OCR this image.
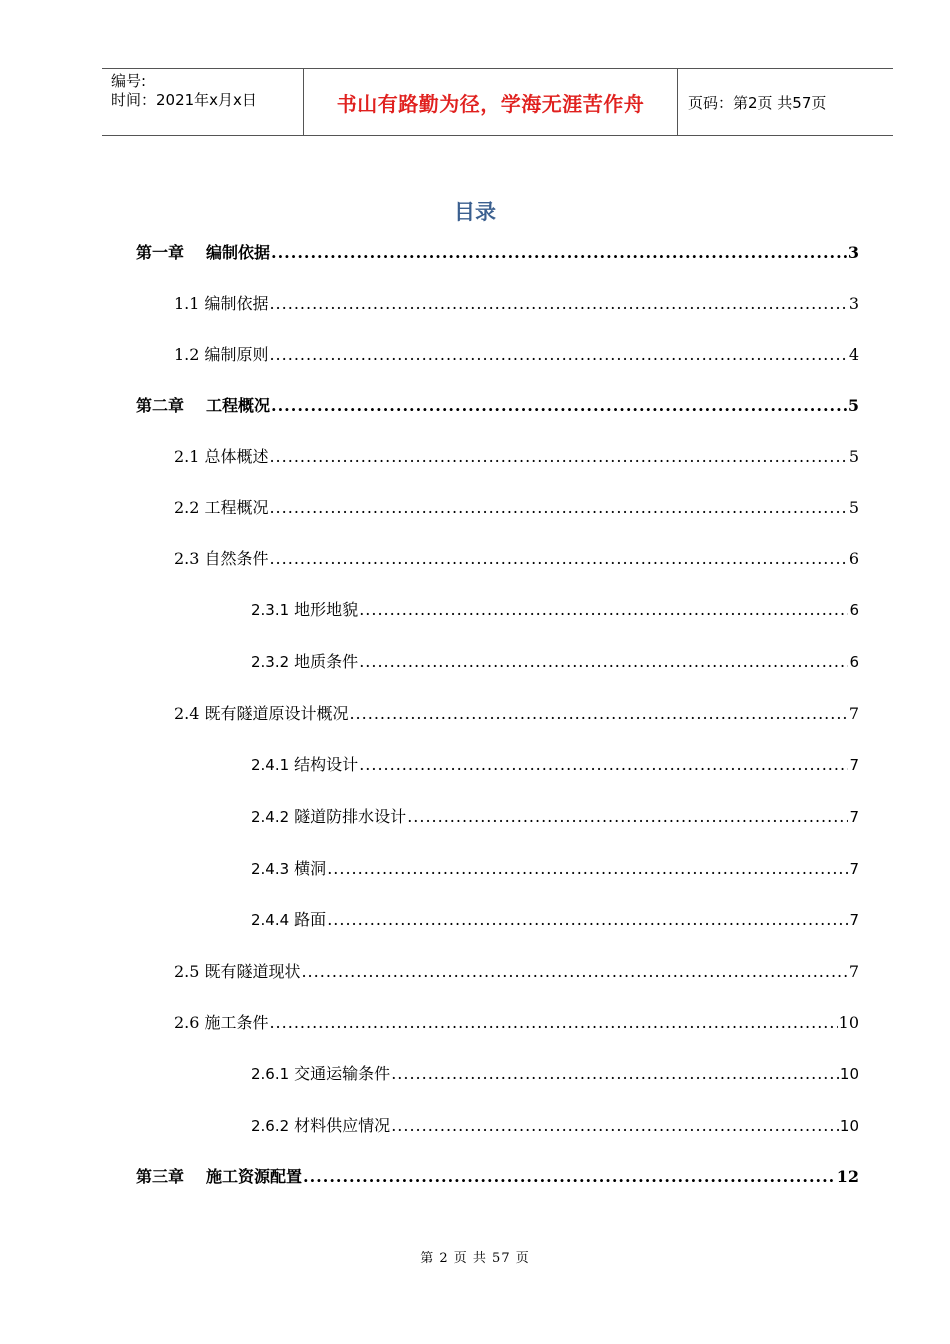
编号:
时间：2021年x月x日	书山有路勤为径，学海无涯苦作舟	页码：第2页 共57页
目录
第一章 编制依据 .....	3
1.1 编制依据 .....	3
1.2 编制原则 .....	4
第二章 工程概况 .....	5
2.1 总体概述 .....	5
2.2 工程概况 .....	5
2.3 自然条件 .....	6
2.3.1 地形地貌 .....	6
2.3.2 地质条件 .....	6
2.4 既有隧道原设计概况 .....	7
2.4.1 结构设计 .....	7
2.4.2 隧道防排水设计 .....	7
2.4.3 横洞 .....	7
2.4.4 路面 .....	7
2.5 既有隧道现状 .....	7
2.6 施工条件 .....	10
2.6.1 交通运输条件 .....	10
2.6.2 材料供应情况 .....	10
第三章 施工资源配置 .....	12
第 2 页 共 57 页
